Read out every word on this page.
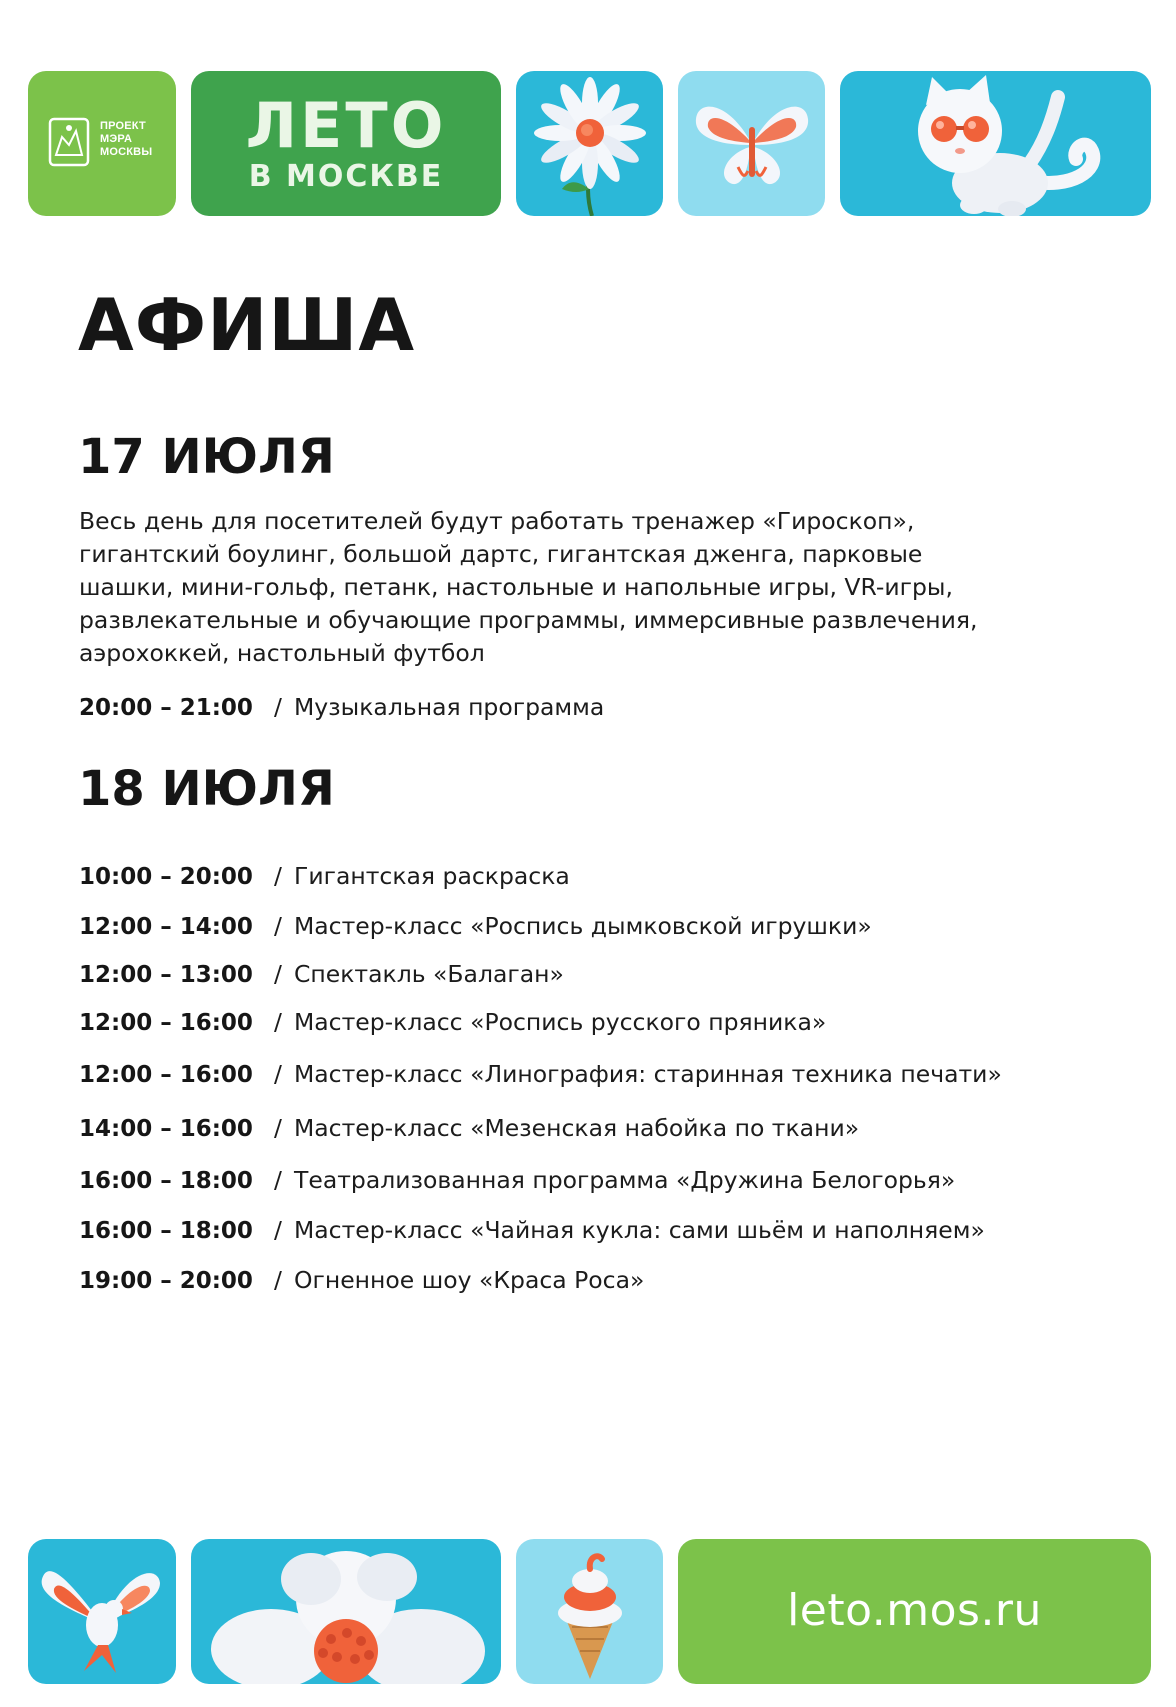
ПРОЕКТ
МЭРА
МОСКВЫ	ЛЕТО
В МОСКВЕ
АФИША
17 ИЮЛЯ

Весь день для посетителей будут работать тренажер «Гироскоп», гигантский боулинг, большой дартс, гигантская дженга, парковые шашки, мини-гольф, петанк, настольные и напольные игры, VR-игры, развлекательные и обучающие программы, иммерсивные развлечения, аэрохоккей, настольный футбол

20:00 – 21:00 / Музыкальная программа
18 ИЮЛЯ
10:00 – 20:00 / Гигантская раскраска
12:00 – 14:00 / Мастер-класс «Роспись дымковской игрушки»
12:00 – 13:00 / Спектакль «Балаган»
12:00 – 16:00 / Мастер-класс «Роспись русского пряника»
12:00 – 16:00 / Мастер-класс «Линография: старинная техника печати»
14:00 – 16:00 / Мастер-класс «Мезенская набойка по ткани»
16:00 – 18:00 / Театрализованная программа «Дружина Белогорья»
16:00 – 18:00 / Мастер-класс «Чайная кукла: сами шьём и наполняем»
19:00 – 20:00 / Огненное шоу «Краса Роса»
leto.mos.ru
